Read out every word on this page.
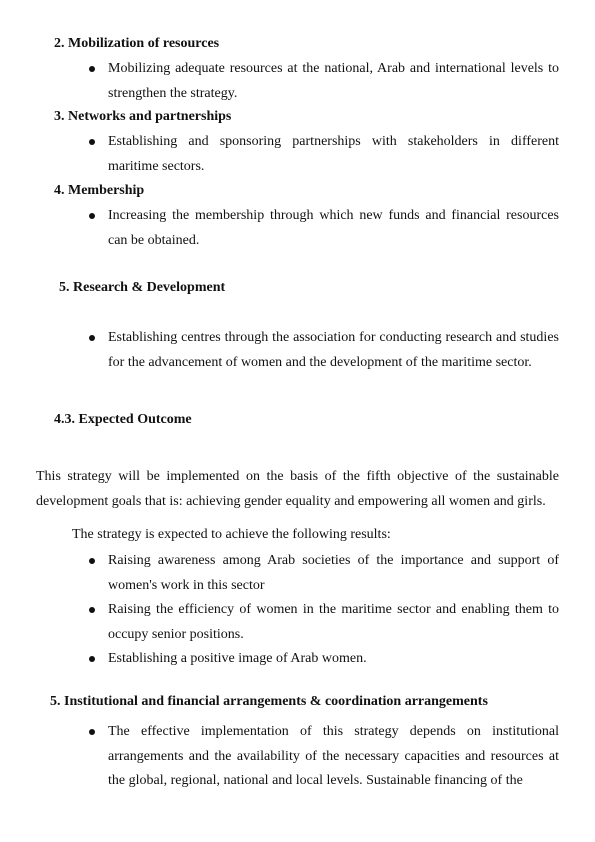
2. Mobilization of resources
Mobilizing adequate resources at the national, Arab and international levels to strengthen the strategy.
3. Networks and partnerships
Establishing and sponsoring partnerships with stakeholders in different maritime sectors.
4. Membership
Increasing the membership through which new funds and financial resources can be obtained.
5. Research & Development
Establishing centres through the association for conducting research and studies for the advancement of women and the development of the maritime sector.
4.3. Expected Outcome
This strategy will be implemented on the basis of the fifth objective of the sustainable development goals that is: achieving gender equality and empowering all women and girls.
The strategy is expected to achieve the following results:
Raising awareness among Arab societies of the importance and support of women's work in this sector
Raising the efficiency of women in the maritime sector and enabling them to occupy senior positions.
Establishing a positive image of Arab women.
5. Institutional and financial arrangements & coordination arrangements
The effective implementation of this strategy depends on institutional arrangements and the availability of the necessary capacities and resources at the global, regional, national and local levels. Sustainable financing of the
